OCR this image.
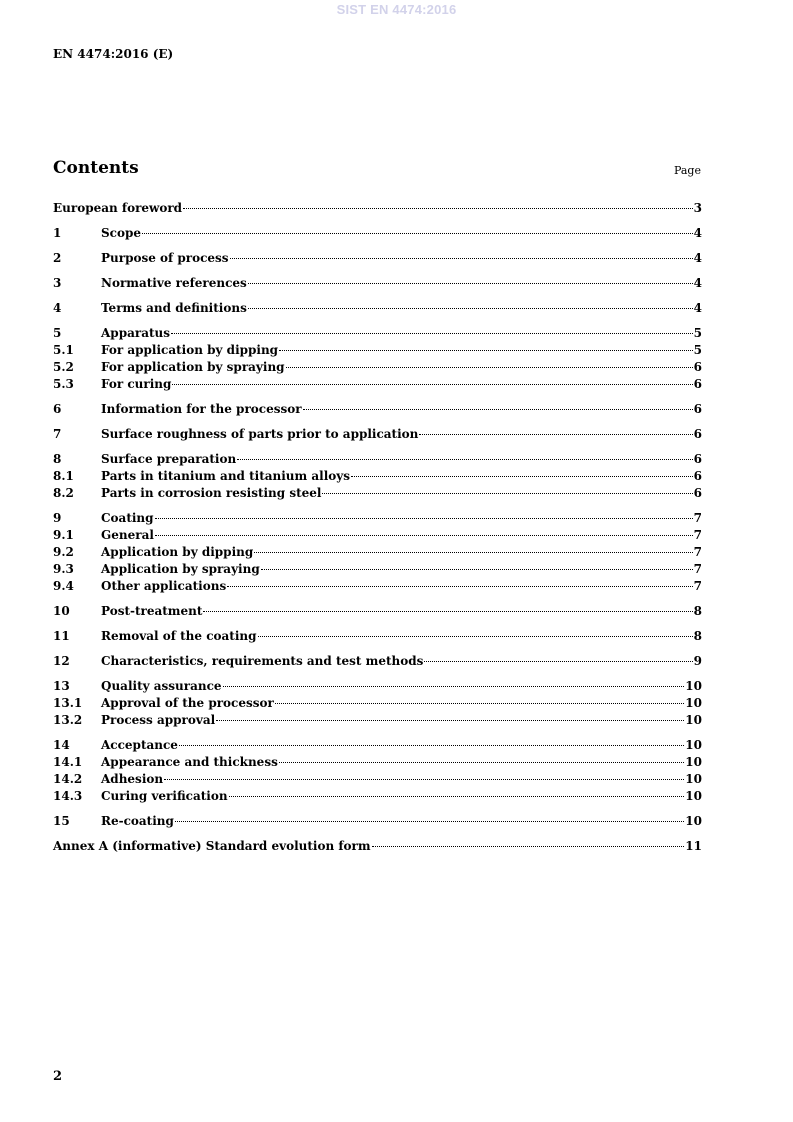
SIST EN 4474:2016
EN 4474:2016 (E)
Contents	Page
European foreword	3
1	Scope	4
2	Purpose of process	4
3	Normative references	4
4	Terms and definitions	4
5	Apparatus	5
5.1	For application by dipping	5
5.2	For application by spraying	6
5.3	For curing	6
6	Information for the processor	6
7	Surface roughness of parts prior to application	6
8	Surface preparation	6
8.1	Parts in titanium and titanium alloys	6
8.2	Parts in corrosion resisting steel	6
9	Coating	7
9.1	General	7
9.2	Application by dipping	7
9.3	Application by spraying	7
9.4	Other applications	7
10	Post-treatment	8
11	Removal of the coating	8
12	Characteristics, requirements and test methods	9
13	Quality assurance	10
13.1	Approval of the processor	10
13.2	Process approval	10
14	Acceptance	10
14.1	Appearance and thickness	10
14.2	Adhesion	10
14.3	Curing verification	10
15	Re-coating	10
Annex A (informative) Standard evolution form	11
2
